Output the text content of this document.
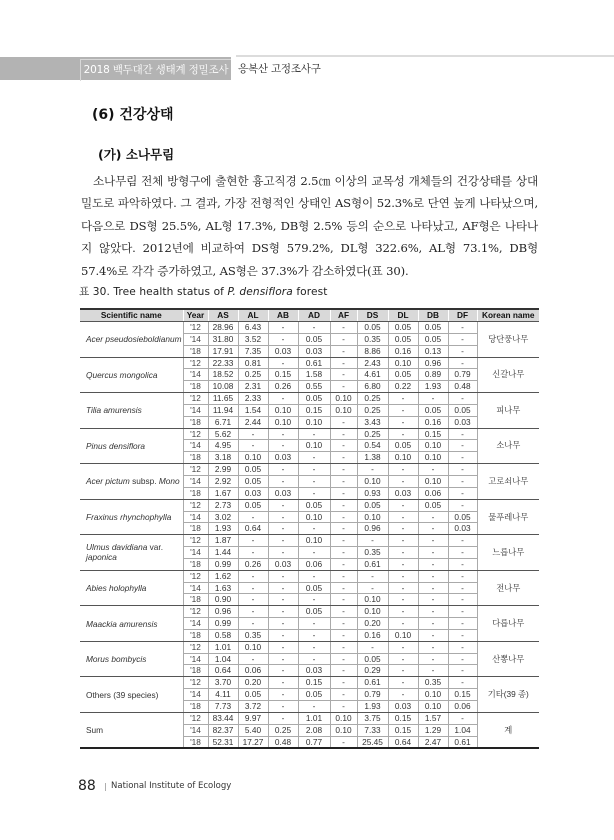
2018 백두대간 생태계 정밀조사 응복산 고정조사구
(6) 건강상태
(가) 소나무림
소나무림 전체 방형구에 출현한 흉고직경 2.5㎝ 이상의 교목성 개체들의 건강상태를 상대밀도로 파악하였다. 그 결과, 가장 전형적인 상태인 AS형이 52.3%로 단연 높게 나타났으며, 다음으로 DS형 25.5%, AL형 17.3%, DB형 2.5% 등의 순으로 나타났고, AF형은 나타나지 않았다. 2012년에 비교하여 DS형 579.2%, DL형 322.6%, AL형 73.1%, DB형 57.4%로 각각 증가하였고, AS형은 37.3%가 감소하였다(표 30).
표 30. Tree health status of P. densiflora forest
Scientific name	Year	AS	AL	AB	AD	AF	DS	DL	DB	DF	Korean name
Acer pseudosieboldianum	'12	28.96	6.43	-	-	-	0.05	0.05	0.05	-	당단풍나무
	'14	31.80	3.52	-	0.05	-	0.35	0.05	0.05	-	
	'18	17.91	7.35	0.03	0.03	-	8.86	0.16	0.13	-	
Quercus mongolica	'12	22.33	0.81	-	0.61	-	2.43	0.10	0.96	-	신갈나무
	'14	18.52	0.25	0.15	1.58	-	4.61	0.05	0.89	0.79	
	'18	10.08	2.31	0.26	0.55	-	6.80	0.22	1.93	0.48	
Tilia amurensis	'12	11.65	2.33	-	0.05	0.10	0.25	-	-	-	피나무
	'14	11.94	1.54	0.10	0.15	0.10	0.25	-	0.05	0.05	
	'18	6.71	2.44	0.10	0.10	-	3.43	-	0.16	0.03	
Pinus densiflora	'12	5.62	-	-	-	-	0.25	-	0.15	-	소나무
	'14	4.95	-	-	0.10	-	0.54	0.05	0.10	-	
	'18	3.18	0.10	0.03	-	-	1.38	0.10	0.10	-	
Acer pictum subsp. Mono	'12	2.99	0.05	-	-	-	-	-	-	-	고로쇠나무
	'14	2.92	0.05	-	-	-	0.10	-	0.10	-	
	'18	1.67	0.03	0.03	-	-	0.93	0.03	0.06	-	
Fraxinus rhynchophylla	'12	2.73	0.05	-	0.05	-	0.05	-	0.05	-	물푸레나무
	'14	3.02	-	-	0.10	-	0.10	-	-	0.05	
	'18	1.93	0.64	-	-	-	0.96	-	-	0.03	
Ulmus davidiana var. japonica	'12	1.87	-	-	0.10	-	-	-	-	-	느릅나무
	'14	1.44	-	-	-	-	0.35	-	-	-	
	'18	0.99	0.26	0.03	0.06	-	0.61	-	-	-	
Abies holophylla	'12	1.62	-	-	-	-	-	-	-	-	전나무
	'14	1.63	-	-	0.05	-	-	-	-	-	
	'18	0.90	-	-	-	-	0.10	-	-	-	
Maackia amurensis	'12	0.96	-	-	0.05	-	0.10	-	-	-	다릅나무
	'14	0.99	-	-	-	-	0.20	-	-	-	
	'18	0.58	0.35	-	-	-	0.16	0.10	-	-	
Morus bombycis	'12	1.01	0.10	-	-	-	-	-	-	-	산뽕나무
	'14	1.04	-	-	-	-	0.05	-	-	-	
	'18	0.64	0.06	-	0.03	-	0.29	-	-	-	
Others (39 species)	'12	3.70	0.20	-	0.15	-	0.61	-	0.35	-	기타(39 종)
	'14	4.11	0.05	-	0.05	-	0.79	-	0.10	0.15	
	'18	7.73	3.72	-	-	-	1.93	0.03	0.10	0.06	
Sum	'12	83.44	9.97	-	1.01	0.10	3.75	0.15	1.57	-	계
	'14	82.37	5.40	0.25	2.08	0.10	7.33	0.15	1.29	1.04	
	'18	52.31	17.27	0.48	0.77	-	25.45	0.64	2.47	0.61	
88 | National Institute of Ecology
